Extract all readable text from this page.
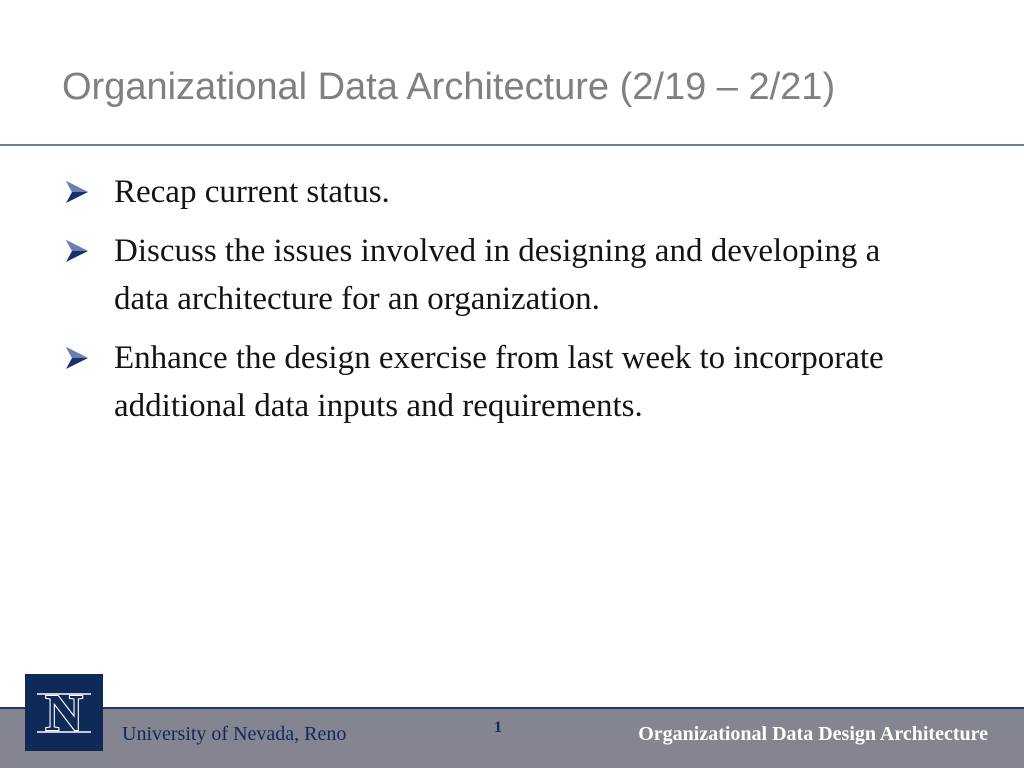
Organizational Data Architecture (2/19 – 2/21)
Recap current status.
Discuss the issues involved in designing and developing a data architecture for an organization.
Enhance the design exercise from last week to incorporate additional data inputs and requirements.
N University of Nevada, Reno	1	Organizational Data Design Architecture
